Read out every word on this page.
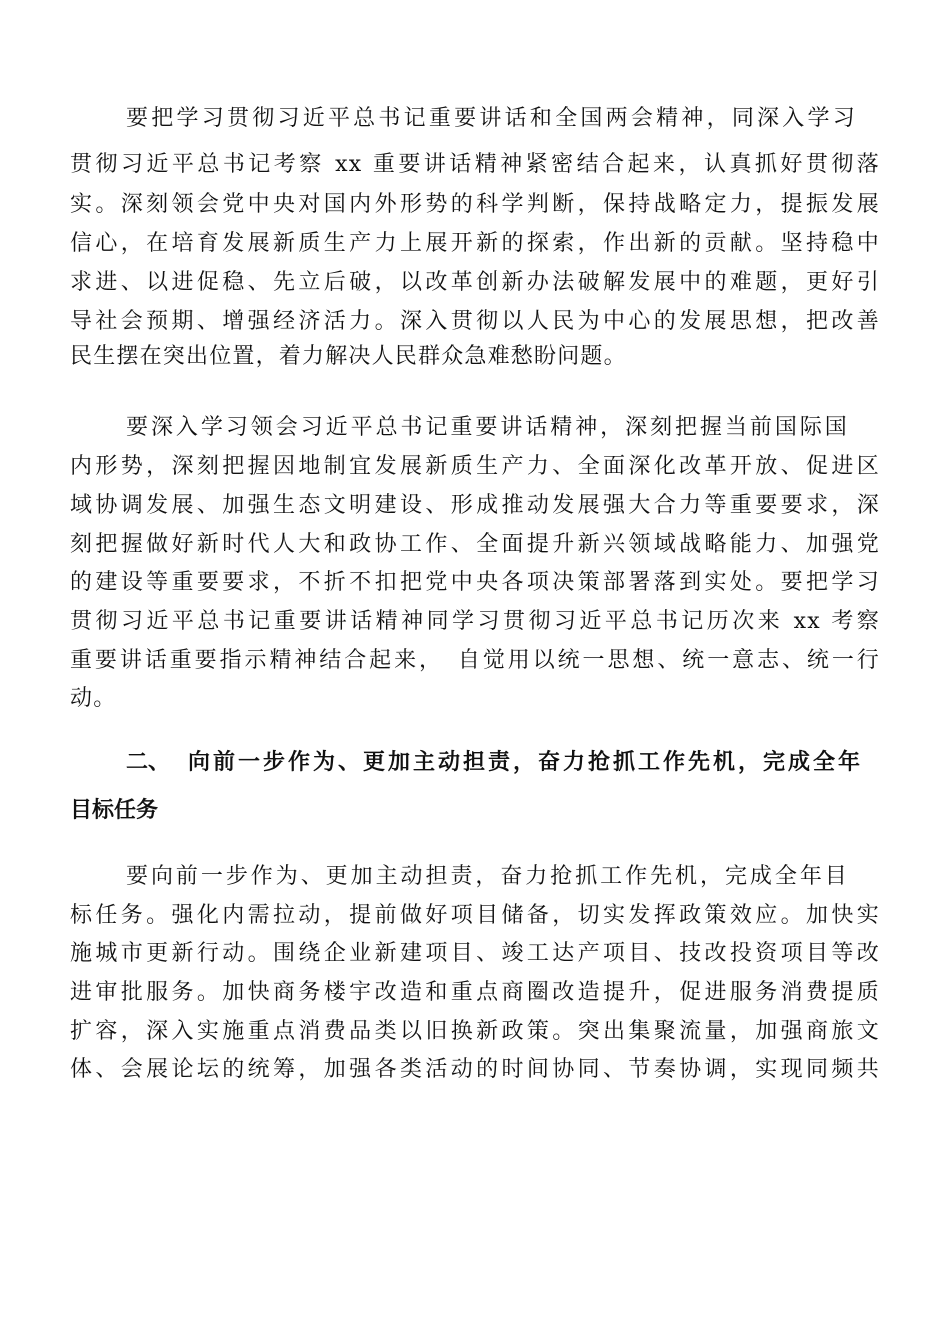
要把学习贯彻习近平总书记重要讲话和全国两会精神，同深入学习
贯彻习近平总书记考察 xx 重要讲话精神紧密结合起来，认真抓好贯彻落
实。深刻领会党中央对国内外形势的科学判断，保持战略定力，提振发展
信心，在培育发展新质生产力上展开新的探索，作出新的贡献。坚持稳中
求进、以进促稳、先立后破，以改革创新办法破解发展中的难题，更好引
导社会预期、增强经济活力。深入贯彻以人民为中心的发展思想，把改善
民生摆在突出位置，着力解决人民群众急难愁盼问题。
要深入学习领会习近平总书记重要讲话精神，深刻把握当前国际国
内形势，深刻把握因地制宜发展新质生产力、全面深化改革开放、促进区
域协调发展、加强生态文明建设、形成推动发展强大合力等重要要求，深
刻把握做好新时代人大和政协工作、全面提升新兴领域战略能力、加强党
的建设等重要要求，不折不扣把党中央各项决策部署落到实处。要把学习
贯彻习近平总书记重要讲话精神同学习贯彻习近平总书记历次来 xx 考察
重要讲话重要指示精神结合起来，　自觉用以统一思想、统一意志、统一行
动。
二、 向前一步作为、更加主动担责，奋力抢抓工作先机，完成全年
目标任务
要向前一步作为、更加主动担责，奋力抢抓工作先机，完成全年目
标任务。强化内需拉动，提前做好项目储备，切实发挥政策效应。加快实
施城市更新行动。围绕企业新建项目、竣工达产项目、技改投资项目等改
进审批服务。加快商务楼宇改造和重点商圈改造提升，促进服务消费提质
扩容，深入实施重点消费品类以旧换新政策。突出集聚流量，加强商旅文
体、会展论坛的统筹，加强各类活动的时间协同、节奏协调，实现同频共
